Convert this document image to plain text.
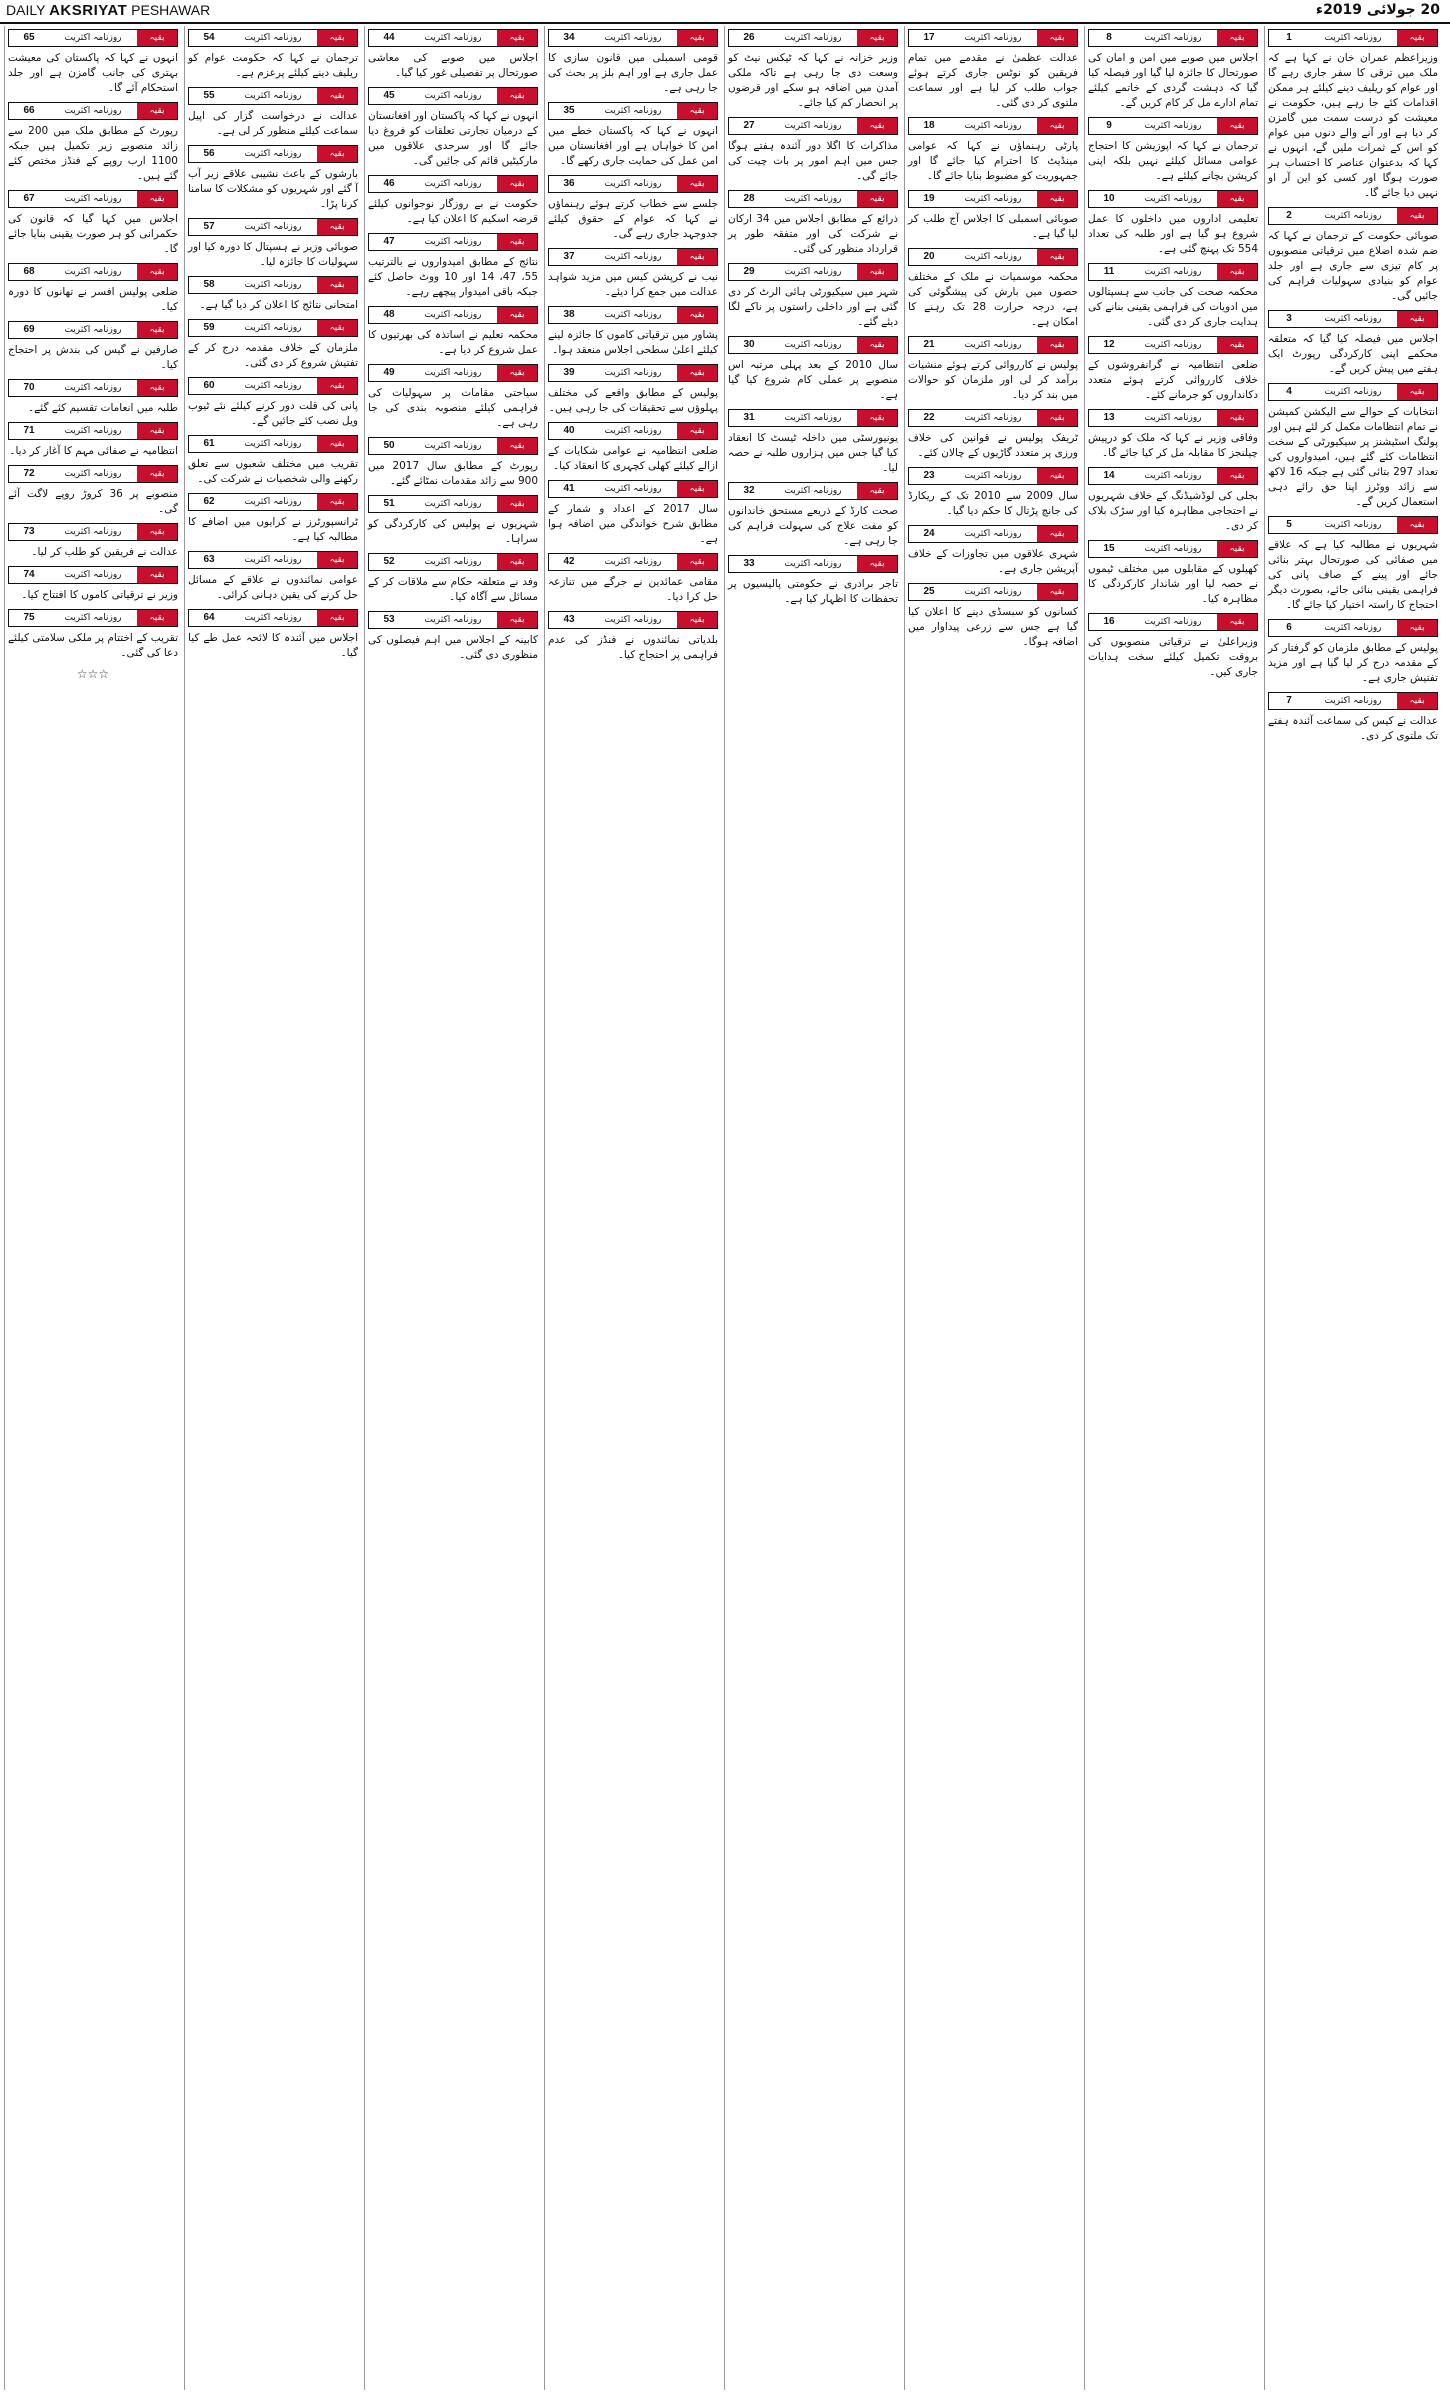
DAILY AKSRIYAT PESHAWAR	20 جولائی 2019ء
1	روزنامہ اکثریت	بقیہ

وزیراعظم عمران خان نے کہا ہے کہ ملک میں ترقی کا سفر جاری رہے گا اور عوام کو ریلیف دینے کیلئے ہر ممکن اقدامات کئے جا رہے ہیں، حکومت نے معیشت کو درست سمت میں گامزن کر دیا ہے اور آنے والے دنوں میں عوام کو اس کے ثمرات ملیں گے، انہوں نے کہا کہ بدعنوان عناصر کا احتساب ہر صورت ہوگا اور کسی کو این آر او نہیں دیا جائے گا۔

2	روزنامہ اکثریت	بقیہ

صوبائی حکومت کے ترجمان نے کہا کہ ضم شدہ اضلاع میں ترقیاتی منصوبوں پر کام تیزی سے جاری ہے اور جلد عوام کو بنیادی سہولیات فراہم کی جائیں گی۔

3	روزنامہ اکثریت	بقیہ

اجلاس میں فیصلہ کیا گیا کہ متعلقہ محکمے اپنی کارکردگی رپورٹ ایک ہفتے میں پیش کریں گے۔

4	روزنامہ اکثریت	بقیہ

انتخابات کے حوالے سے الیکشن کمیشن نے تمام انتظامات مکمل کر لئے ہیں اور پولنگ اسٹیشنز پر سیکیورٹی کے سخت انتظامات کئے گئے ہیں، امیدواروں کی تعداد 297 بتائی گئی ہے جبکہ 16 لاکھ سے زائد ووٹرز اپنا حق رائے دہی استعمال کریں گے۔

5	روزنامہ اکثریت	بقیہ

شہریوں نے مطالبہ کیا ہے کہ علاقے میں صفائی کی صورتحال بہتر بنائی جائے اور پینے کے صاف پانی کی فراہمی یقینی بنائی جائے، بصورت دیگر احتجاج کا راستہ اختیار کیا جائے گا۔

6	روزنامہ اکثریت	بقیہ

پولیس کے مطابق ملزمان کو گرفتار کر کے مقدمہ درج کر لیا گیا ہے اور مزید تفتیش جاری ہے۔

7	روزنامہ اکثریت	بقیہ

عدالت نے کیس کی سماعت آئندہ ہفتے تک ملتوی کر دی۔

8	روزنامہ اکثریت	بقیہ

اجلاس میں صوبے میں امن و امان کی صورتحال کا جائزہ لیا گیا اور فیصلہ کیا گیا کہ دہشت گردی کے خاتمے کیلئے تمام ادارے مل کر کام کریں گے۔

9	روزنامہ اکثریت	بقیہ

ترجمان نے کہا کہ اپوزیشن کا احتجاج عوامی مسائل کیلئے نہیں بلکہ اپنی کرپشن بچانے کیلئے ہے۔

10	روزنامہ اکثریت	بقیہ

تعلیمی اداروں میں داخلوں کا عمل شروع ہو گیا ہے اور طلبہ کی تعداد 554 تک پہنچ گئی ہے۔

11	روزنامہ اکثریت	بقیہ

محکمہ صحت کی جانب سے ہسپتالوں میں ادویات کی فراہمی یقینی بنانے کی ہدایت جاری کر دی گئی۔

12	روزنامہ اکثریت	بقیہ

ضلعی انتظامیہ نے گرانفروشوں کے خلاف کارروائی کرتے ہوئے متعدد دکانداروں کو جرمانے کئے۔

13	روزنامہ اکثریت	بقیہ

وفاقی وزیر نے کہا کہ ملک کو درپیش چیلنجز کا مقابلہ مل کر کیا جائے گا۔

14	روزنامہ اکثریت	بقیہ

بجلی کی لوڈشیڈنگ کے خلاف شہریوں نے احتجاجی مظاہرہ کیا اور سڑک بلاک کر دی۔

15	روزنامہ اکثریت	بقیہ

کھیلوں کے مقابلوں میں مختلف ٹیموں نے حصہ لیا اور شاندار کارکردگی کا مظاہرہ کیا۔

16	روزنامہ اکثریت	بقیہ

وزیراعلیٰ نے ترقیاتی منصوبوں کی بروقت تکمیل کیلئے سخت ہدایات جاری کیں۔

17	روزنامہ اکثریت	بقیہ

عدالت عظمیٰ نے مقدمے میں تمام فریقین کو نوٹس جاری کرتے ہوئے جواب طلب کر لیا ہے اور سماعت ملتوی کر دی گئی۔

18	روزنامہ اکثریت	بقیہ

پارٹی رہنماؤں نے کہا کہ عوامی مینڈیٹ کا احترام کیا جائے گا اور جمہوریت کو مضبوط بنایا جائے گا۔

19	روزنامہ اکثریت	بقیہ

صوبائی اسمبلی کا اجلاس آج طلب کر لیا گیا ہے۔

20	روزنامہ اکثریت	بقیہ

محکمہ موسمیات نے ملک کے مختلف حصوں میں بارش کی پیشگوئی کی ہے، درجہ حرارت 28 تک رہنے کا امکان ہے۔

21	روزنامہ اکثریت	بقیہ

پولیس نے کارروائی کرتے ہوئے منشیات برآمد کر لی اور ملزمان کو حوالات میں بند کر دیا۔

22	روزنامہ اکثریت	بقیہ

ٹریفک پولیس نے قوانین کی خلاف ورزی پر متعدد گاڑیوں کے چالان کئے۔

23	روزنامہ اکثریت	بقیہ

سال 2009 سے 2010 تک کے ریکارڈ کی جانچ پڑتال کا حکم دیا گیا۔

24	روزنامہ اکثریت	بقیہ

شہری علاقوں میں تجاوزات کے خلاف آپریشن جاری ہے۔

25	روزنامہ اکثریت	بقیہ

کسانوں کو سبسڈی دینے کا اعلان کیا گیا ہے جس سے زرعی پیداوار میں اضافہ ہوگا۔

26	روزنامہ اکثریت	بقیہ

وزیر خزانہ نے کہا کہ ٹیکس نیٹ کو وسعت دی جا رہی ہے تاکہ ملکی آمدن میں اضافہ ہو سکے اور قرضوں پر انحصار کم کیا جائے۔

27	روزنامہ اکثریت	بقیہ

مذاکرات کا اگلا دور آئندہ ہفتے ہوگا جس میں اہم امور پر بات چیت کی جائے گی۔

28	روزنامہ اکثریت	بقیہ

ذرائع کے مطابق اجلاس میں 34 ارکان نے شرکت کی اور متفقہ طور پر قرارداد منظور کی گئی۔

29	روزنامہ اکثریت	بقیہ

شہر میں سیکیورٹی ہائی الرٹ کر دی گئی ہے اور داخلی راستوں پر ناکے لگا دیئے گئے۔

30	روزنامہ اکثریت	بقیہ

سال 2010 کے بعد پہلی مرتبہ اس منصوبے پر عملی کام شروع کیا گیا ہے۔

31	روزنامہ اکثریت	بقیہ

یونیورسٹی میں داخلہ ٹیسٹ کا انعقاد کیا گیا جس میں ہزاروں طلبہ نے حصہ لیا۔

32	روزنامہ اکثریت	بقیہ

صحت کارڈ کے ذریعے مستحق خاندانوں کو مفت علاج کی سہولت فراہم کی جا رہی ہے۔

33	روزنامہ اکثریت	بقیہ

تاجر برادری نے حکومتی پالیسیوں پر تحفظات کا اظہار کیا ہے۔

34	روزنامہ اکثریت	بقیہ

قومی اسمبلی میں قانون سازی کا عمل جاری ہے اور اہم بلز پر بحث کی جا رہی ہے۔

35	روزنامہ اکثریت	بقیہ

انہوں نے کہا کہ پاکستان خطے میں امن کا خواہاں ہے اور افغانستان میں امن عمل کی حمایت جاری رکھے گا۔

36	روزنامہ اکثریت	بقیہ

جلسے سے خطاب کرتے ہوئے رہنماؤں نے کہا کہ عوام کے حقوق کیلئے جدوجہد جاری رہے گی۔

37	روزنامہ اکثریت	بقیہ

نیب نے کرپشن کیس میں مزید شواہد عدالت میں جمع کرا دیئے۔

38	روزنامہ اکثریت	بقیہ

پشاور میں ترقیاتی کاموں کا جائزہ لینے کیلئے اعلیٰ سطحی اجلاس منعقد ہوا۔

39	روزنامہ اکثریت	بقیہ

پولیس کے مطابق واقعے کی مختلف پہلوؤں سے تحقیقات کی جا رہی ہیں۔

40	روزنامہ اکثریت	بقیہ

ضلعی انتظامیہ نے عوامی شکایات کے ازالے کیلئے کھلی کچہری کا انعقاد کیا۔

41	روزنامہ اکثریت	بقیہ

سال 2017 کے اعداد و شمار کے مطابق شرح خواندگی میں اضافہ ہوا ہے۔

42	روزنامہ اکثریت	بقیہ

مقامی عمائدین نے جرگے میں تنازعہ حل کرا دیا۔

43	روزنامہ اکثریت	بقیہ

بلدیاتی نمائندوں نے فنڈز کی عدم فراہمی پر احتجاج کیا۔

44	روزنامہ اکثریت	بقیہ

اجلاس میں صوبے کی معاشی صورتحال پر تفصیلی غور کیا گیا۔

45	روزنامہ اکثریت	بقیہ

انہوں نے کہا کہ پاکستان اور افغانستان کے درمیان تجارتی تعلقات کو فروغ دیا جائے گا اور سرحدی علاقوں میں مارکیٹیں قائم کی جائیں گی۔

46	روزنامہ اکثریت	بقیہ

حکومت نے بے روزگار نوجوانوں کیلئے قرضہ اسکیم کا اعلان کیا ہے۔

47	روزنامہ اکثریت	بقیہ

نتائج کے مطابق امیدواروں نے بالترتیب 55، 47، 14 اور 10 ووٹ حاصل کئے جبکہ باقی امیدوار پیچھے رہے۔

48	روزنامہ اکثریت	بقیہ

محکمہ تعلیم نے اساتذہ کی بھرتیوں کا عمل شروع کر دیا ہے۔

49	روزنامہ اکثریت	بقیہ

سیاحتی مقامات پر سہولیات کی فراہمی کیلئے منصوبہ بندی کی جا رہی ہے۔

50	روزنامہ اکثریت	بقیہ

رپورٹ کے مطابق سال 2017 میں 900 سے زائد مقدمات نمٹائے گئے۔

51	روزنامہ اکثریت	بقیہ

شہریوں نے پولیس کی کارکردگی کو سراہا۔

52	روزنامہ اکثریت	بقیہ

وفد نے متعلقہ حکام سے ملاقات کر کے مسائل سے آگاہ کیا۔

53	روزنامہ اکثریت	بقیہ

کابینہ کے اجلاس میں اہم فیصلوں کی منظوری دی گئی۔

54	روزنامہ اکثریت	بقیہ

ترجمان نے کہا کہ حکومت عوام کو ریلیف دینے کیلئے پرعزم ہے۔

55	روزنامہ اکثریت	بقیہ

عدالت نے درخواست گزار کی اپیل سماعت کیلئے منظور کر لی ہے۔

56	روزنامہ اکثریت	بقیہ

بارشوں کے باعث نشیبی علاقے زیر آب آ گئے اور شہریوں کو مشکلات کا سامنا کرنا پڑا۔

57	روزنامہ اکثریت	بقیہ

صوبائی وزیر نے ہسپتال کا دورہ کیا اور سہولیات کا جائزہ لیا۔

58	روزنامہ اکثریت	بقیہ

امتحانی نتائج کا اعلان کر دیا گیا ہے۔

59	روزنامہ اکثریت	بقیہ

ملزمان کے خلاف مقدمہ درج کر کے تفتیش شروع کر دی گئی۔

60	روزنامہ اکثریت	بقیہ

پانی کی قلت دور کرنے کیلئے نئے ٹیوب ویل نصب کئے جائیں گے۔

61	روزنامہ اکثریت	بقیہ

تقریب میں مختلف شعبوں سے تعلق رکھنے والی شخصیات نے شرکت کی۔

62	روزنامہ اکثریت	بقیہ

ٹرانسپورٹرز نے کرایوں میں اضافے کا مطالبہ کیا ہے۔

63	روزنامہ اکثریت	بقیہ

عوامی نمائندوں نے علاقے کے مسائل حل کرنے کی یقین دہانی کرائی۔

64	روزنامہ اکثریت	بقیہ

اجلاس میں آئندہ کا لائحہ عمل طے کیا گیا۔

65	روزنامہ اکثریت	بقیہ

انہوں نے کہا کہ پاکستان کی معیشت بہتری کی جانب گامزن ہے اور جلد استحکام آئے گا۔

66	روزنامہ اکثریت	بقیہ

رپورٹ کے مطابق ملک میں 200 سے زائد منصوبے زیر تکمیل ہیں جبکہ 1100 ارب روپے کے فنڈز مختص کئے گئے ہیں۔

67	روزنامہ اکثریت	بقیہ

اجلاس میں کہا گیا کہ قانون کی حکمرانی کو ہر صورت یقینی بنایا جائے گا۔

68	روزنامہ اکثریت	بقیہ

ضلعی پولیس افسر نے تھانوں کا دورہ کیا۔

69	روزنامہ اکثریت	بقیہ

صارفین نے گیس کی بندش پر احتجاج کیا۔

70	روزنامہ اکثریت	بقیہ

طلبہ میں انعامات تقسیم کئے گئے۔

71	روزنامہ اکثریت	بقیہ

انتظامیہ نے صفائی مہم کا آغاز کر دیا۔

72	روزنامہ اکثریت	بقیہ

منصوبے پر 36 کروڑ روپے لاگت آئے گی۔

73	روزنامہ اکثریت	بقیہ

عدالت نے فریقین کو طلب کر لیا۔

74	روزنامہ اکثریت	بقیہ

وزیر نے ترقیاتی کاموں کا افتتاح کیا۔

75	روزنامہ اکثریت	بقیہ

تقریب کے اختتام پر ملکی سلامتی کیلئے دعا کی گئی۔

☆☆☆
